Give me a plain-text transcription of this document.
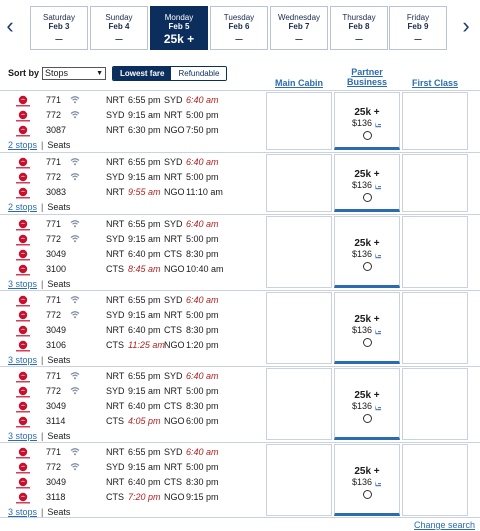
‹	Saturday
Feb 3
–
Sunday
Feb 4
–
Monday
Feb 5
25k +
Tuesday
Feb 6
–
Wednesday
Feb 7
–
Thursday
Feb 8
–
Friday
Feb 9
–
›
Sort by Stops	▼	Lowest fare	Refundable
Main Cabin
Partner
Business	First Class
771	NRT 6:55 pm SYD 6:40 am
772	SYD 9:15 am NRT 5:00 pm
3087	NRT 6:30 pm NGO 7:50 pm
2 stops | Seats
25k +
$136
771	NRT 6:55 pm SYD 6:40 am
772	SYD 9:15 am NRT 5:00 pm
3083	NRT 9:55 am NGO 11:10 am
2 stops | Seats
25k +
$136
771	NRT 6:55 pm SYD 6:40 am
772	SYD 9:15 am NRT 5:00 pm
3049	NRT 6:40 pm CTS 8:30 pm
3100	CTS 8:45 am NGO 10:40 am
3 stops | Seats
25k +
$136
771	NRT 6:55 pm SYD 6:40 am
772	SYD 9:15 am NRT 5:00 pm
3049	NRT 6:40 pm CTS 8:30 pm
3106	CTS 11:25 am NGO 1:20 pm
3 stops | Seats
25k +
$136
771	NRT 6:55 pm SYD 6:40 am
772	SYD 9:15 am NRT 5:00 pm
3049	NRT 6:40 pm CTS 8:30 pm
3114	CTS 4:05 pm NGO 6:00 pm
3 stops | Seats
25k +
$136
771	NRT 6:55 pm SYD 6:40 am
772	SYD 9:15 am NRT 5:00 pm
3049	NRT 6:40 pm CTS 8:30 pm
3118	CTS 7:20 pm NGO 9:15 pm
3 stops | Seats
25k +
$136
Change search
